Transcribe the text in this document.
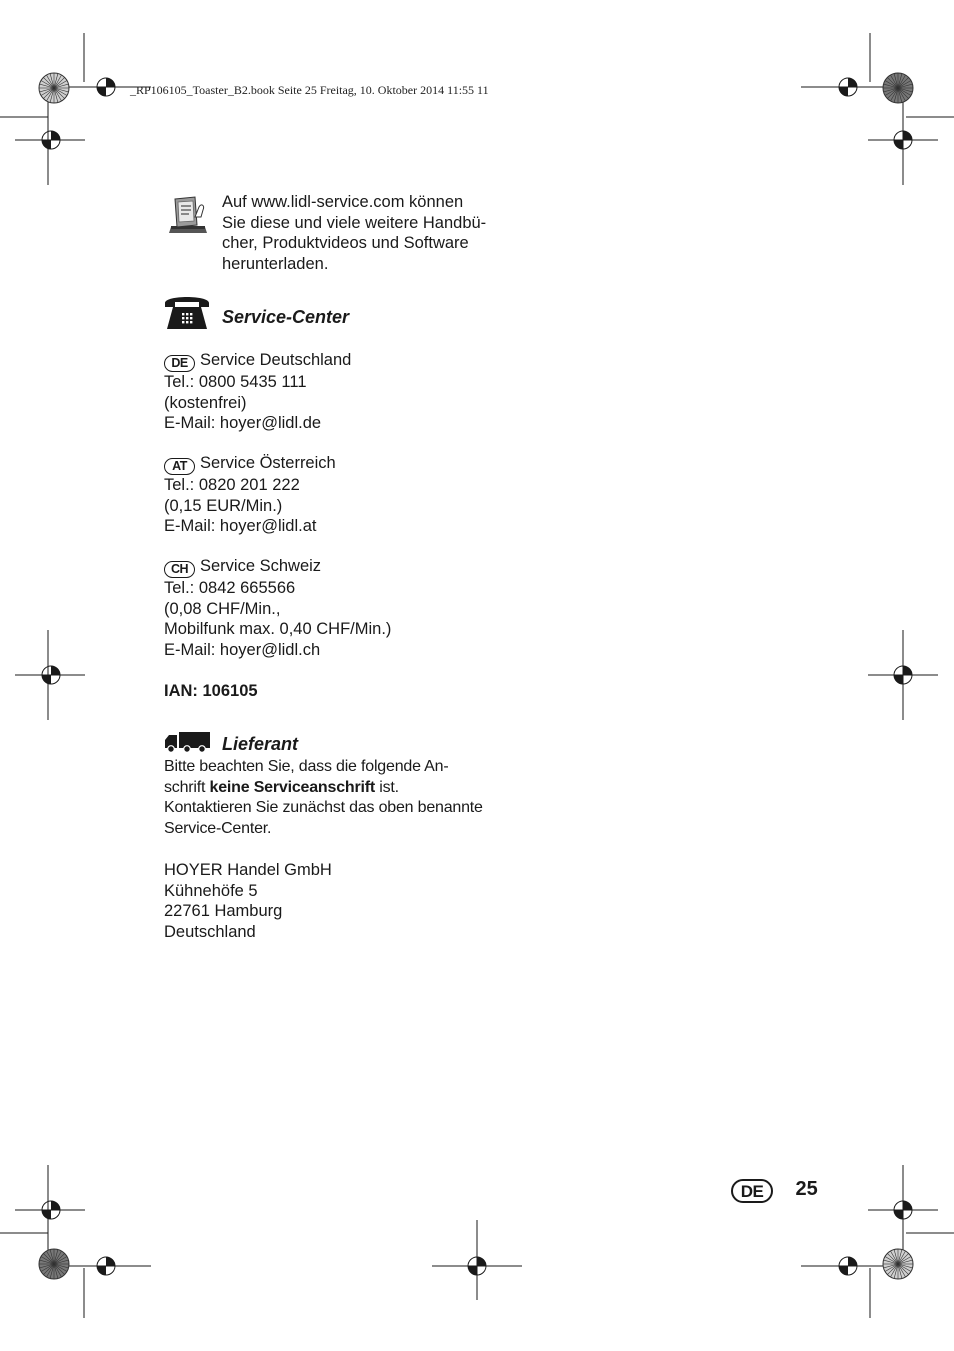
_RP106105_Toaster_B2.book Seite 25 Freitag, 10. Oktober 2014 11:55 11
Auf www.lidl-service.com können
Sie diese und viele weitere Handbü-
cher, Produktvideos und Software
herunterladen.
Service-Center
DE Service Deutschland
Tel.: 0800 5435 111
(kostenfrei)
E-Mail: hoyer@lidl.de
AT Service Österreich
Tel.: 0820 201 222
(0,15 EUR/Min.)
E-Mail: hoyer@lidl.at
CH Service Schweiz
Tel.: 0842 665566
(0,08 CHF/Min.,
Mobilfunk max. 0,40 CHF/Min.)
E-Mail: hoyer@lidl.ch
IAN: 106105
Lieferant
Bitte beachten Sie, dass die folgende An-
schrift keine Serviceanschrift ist.
Kontaktieren Sie zunächst das oben benannte
Service-Center.
HOYER Handel GmbH
Kühnehöfe 5
22761 Hamburg
Deutschland
DE 25
